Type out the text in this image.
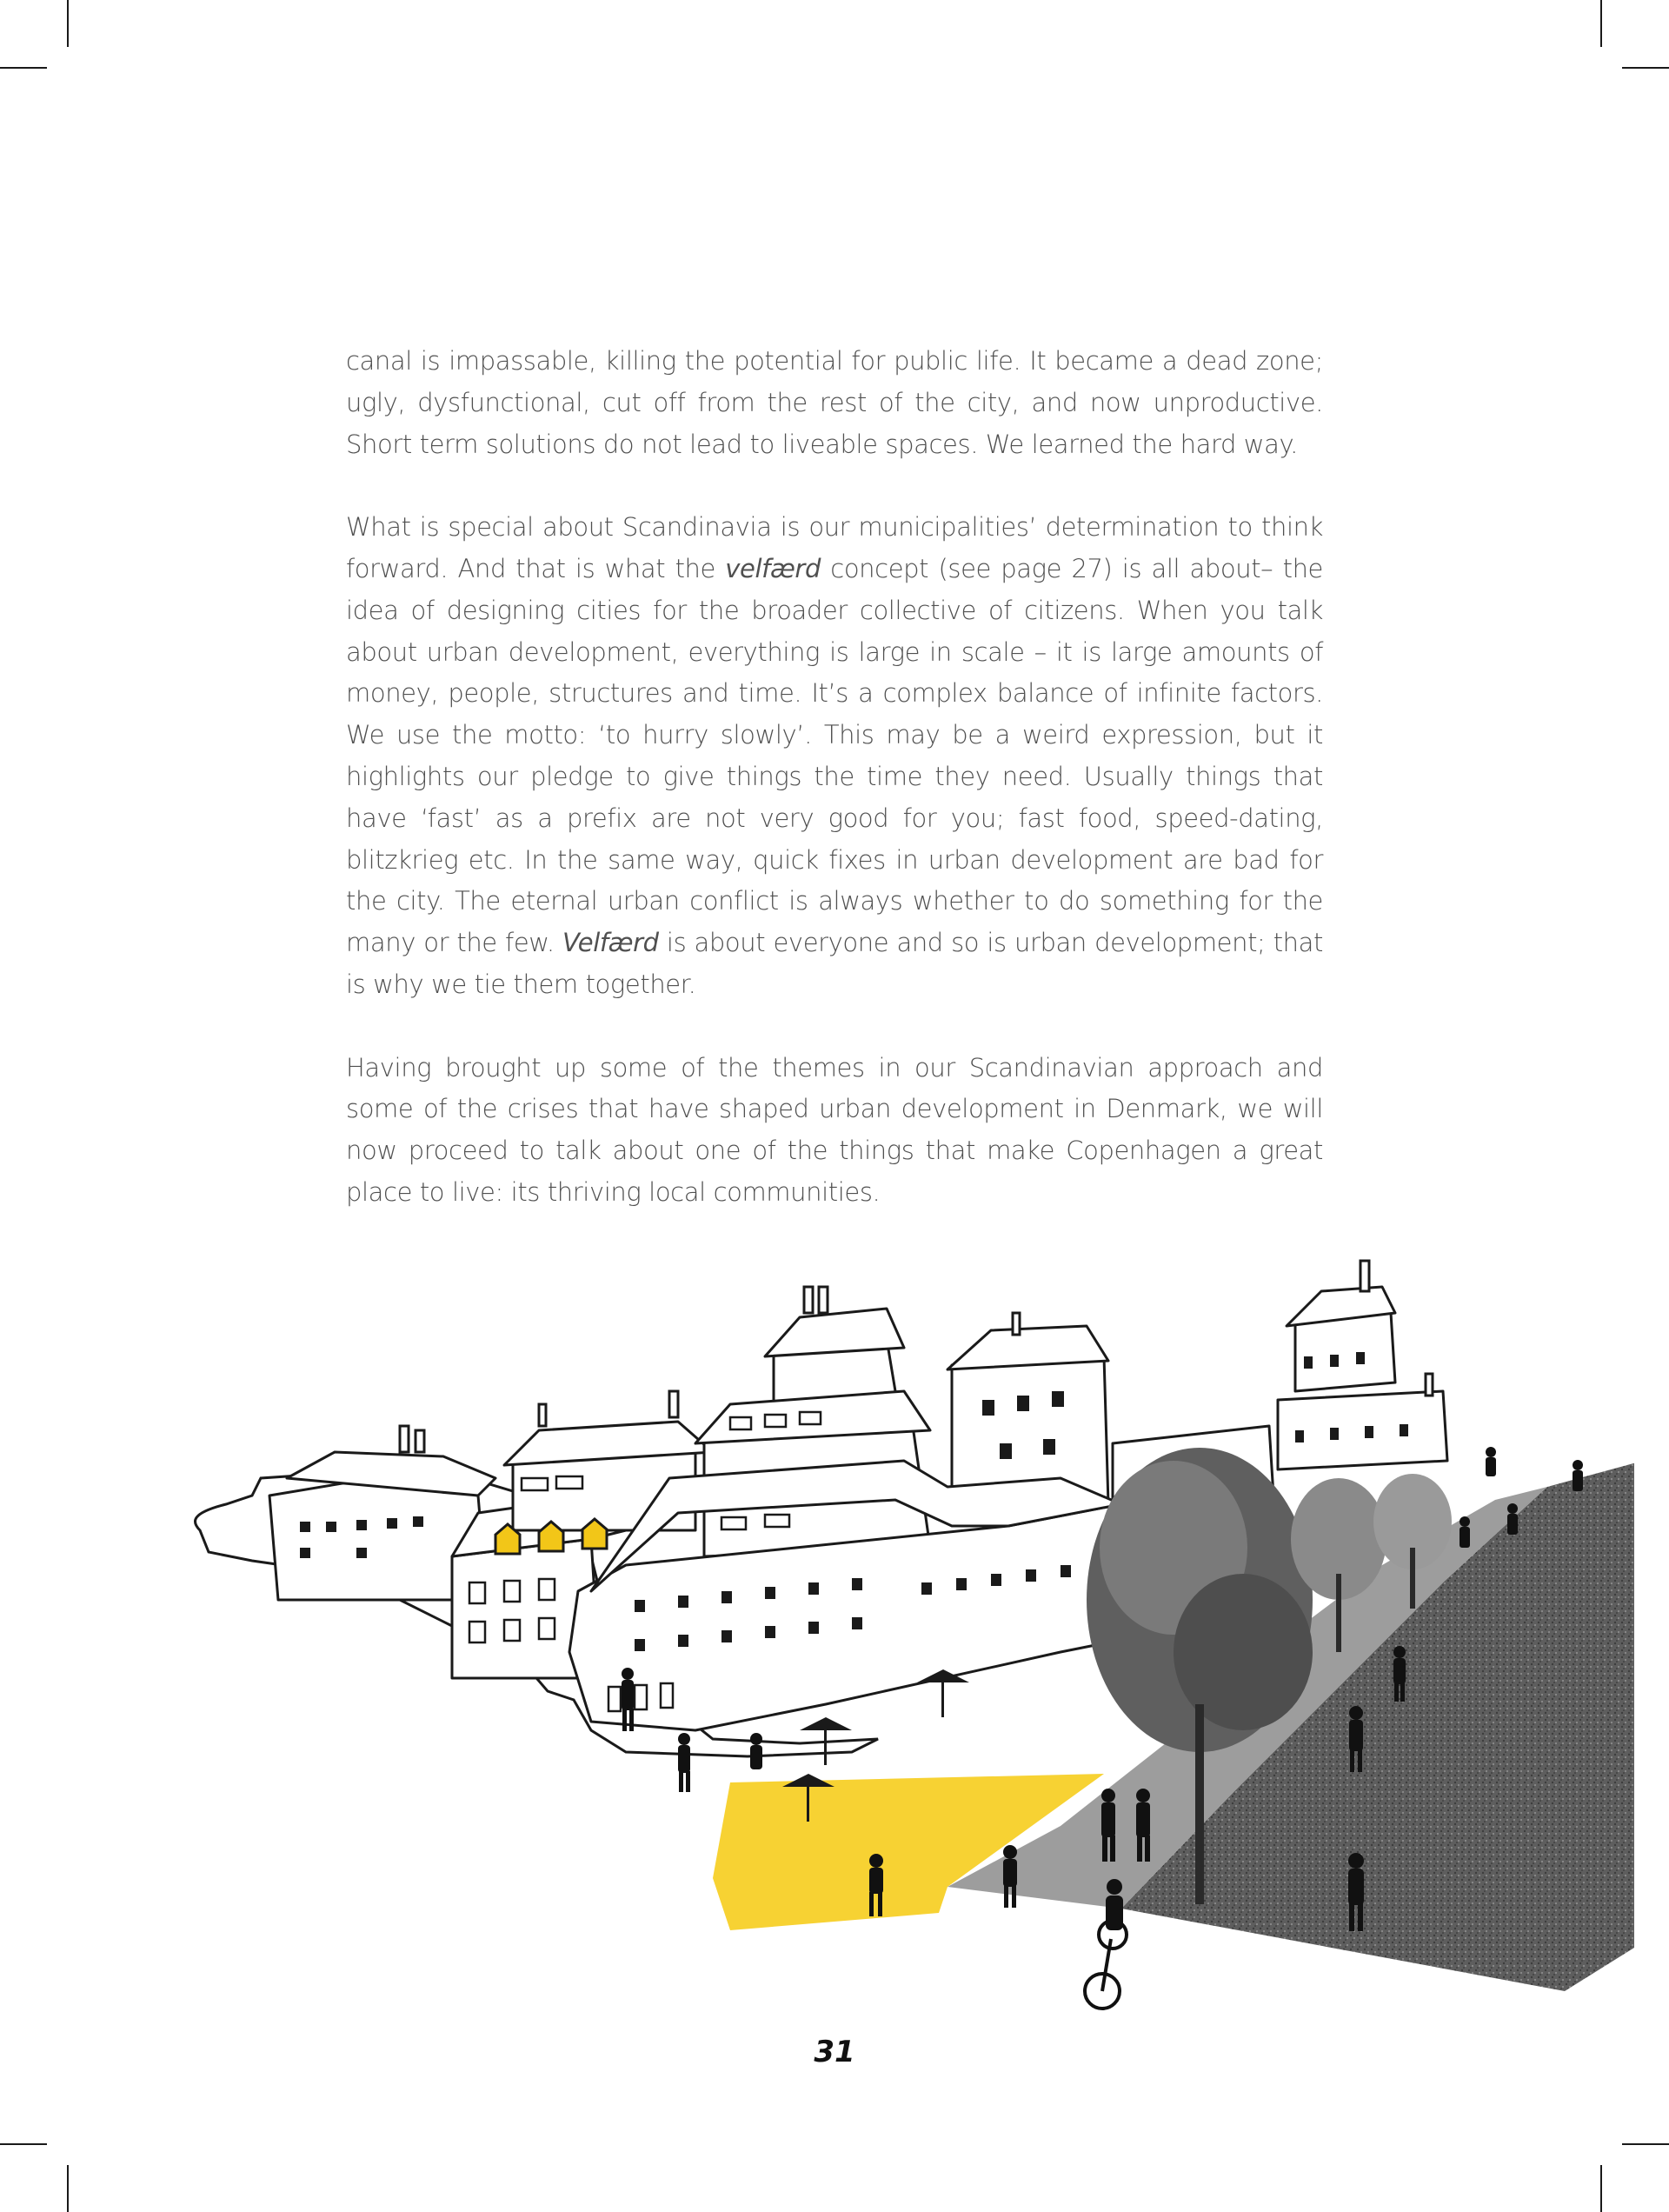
canal is impassable, killing the potential for public life. It became a dead zone; ugly, dysfunctional, cut off from the rest of the city, and now unproductive. Short term solutions do not lead to liveable spaces. We learned the hard way.

What is special about Scandinavia is our municipalities’ determination to think forward. And that is what the velfærd concept (see page 27) is all about– the idea of designing cities for the broader collective of citizens. When you talk about urban development, everything is large in scale – it is large amounts of money, people, structures and time. It’s a complex balance of infinite factors. We use the motto: ‘to hurry slowly’. This may be a weird expression, but it highlights our pledge to give things the time they need. Usually things that have ‘fast’ as a prefix are not very good for you; fast food, speed-dating, blitzkrieg etc. In the same way, quick fixes in urban development are bad for the city. The eternal urban conflict is always whether to do something for the many or the few. Velfærd is about everyone and so is urban development; that is why we tie them together.

Having brought up some of the themes in our Scandinavian approach and some of the crises that have shaped urban development in Denmark, we will now proceed to talk about one of the things that make Copenhagen a great place to live: its thriving local communities.

31
